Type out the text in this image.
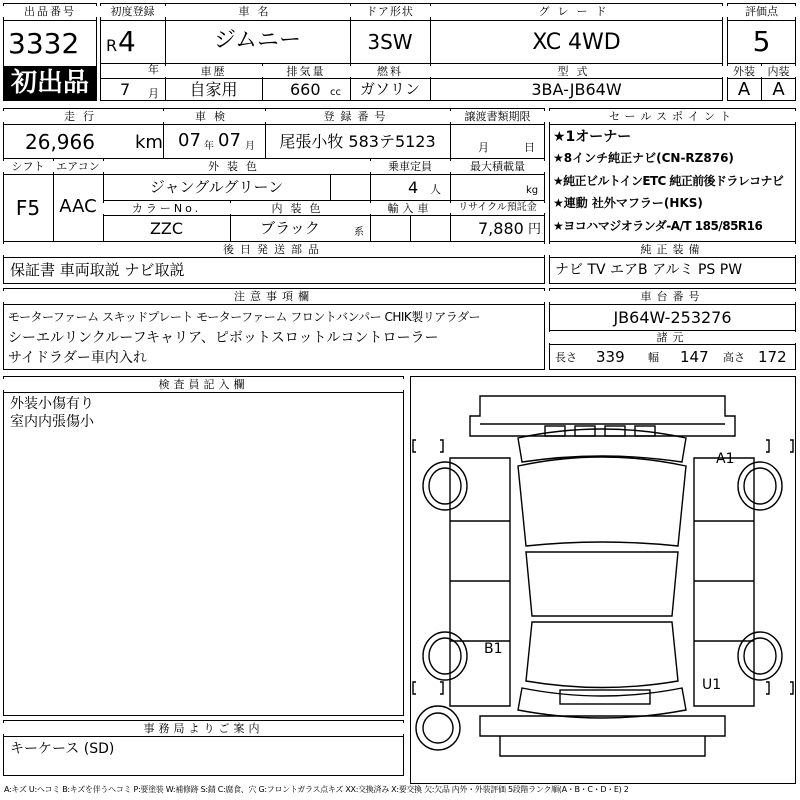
出品番号
3332
初出品
初度登録
R 4
年
7 月
車名
ジムニー
ドア形状
3SW
グレード
XC 4WD
車歴
自家用
排気量
660 cc
燃料
ガソリン
型式
3BA-JB64W
評価点
5
外装
A
内装
A
走行
26,966 km
車検
07 年 07 月
登録番号
尾張小牧 583テ5123
譲渡書類期限
月	日
シフト
F5
エアコン
AAC
外装色
ジャングルグリーン
乗車定員
4 人
最大積載量
kg
カラーNo.
ZZC
内装色
ブラック	系
輸入車	リサイクル預託金
7,880 円
後日発送部品
保証書 車両取説 ナビ取説
セールスポイント
★1オーナー
★8インチ純正ナビ(CN-RZ876)
★純正ビルトインETC 純正前後ドラレコナビ
★連動 社外マフラー(HKS)
★ヨコハマジオランダ-A/T 185/85R16
純正装備
ナビ TV エアB アルミ PS PW
注意事項欄
モーターファーム スキッドプレート モーターファーム フロントバンパー CHIK製リアラダー
シーエルリンクルーフキャリア、ピボットスロットルコントローラー
サイドラダー車内入れ
車台番号
JB64W-253276
諸元
長さ 339 幅 147 高さ 172
検査員記入欄
外装小傷有り
室内内張傷小
A1
B1
U1
事務局よりご案内
キーケース (SD)
A:キズ U:ヘコミ B:キズを伴うヘコミ P:要塗装 W:補修跡 S:錆 C:腐食、穴 G:フロントガラス点キズ XX:交換済み X:要交換 欠:欠品 内外・外装評価 5段階ランク順(A・B・C・D・E) 2
